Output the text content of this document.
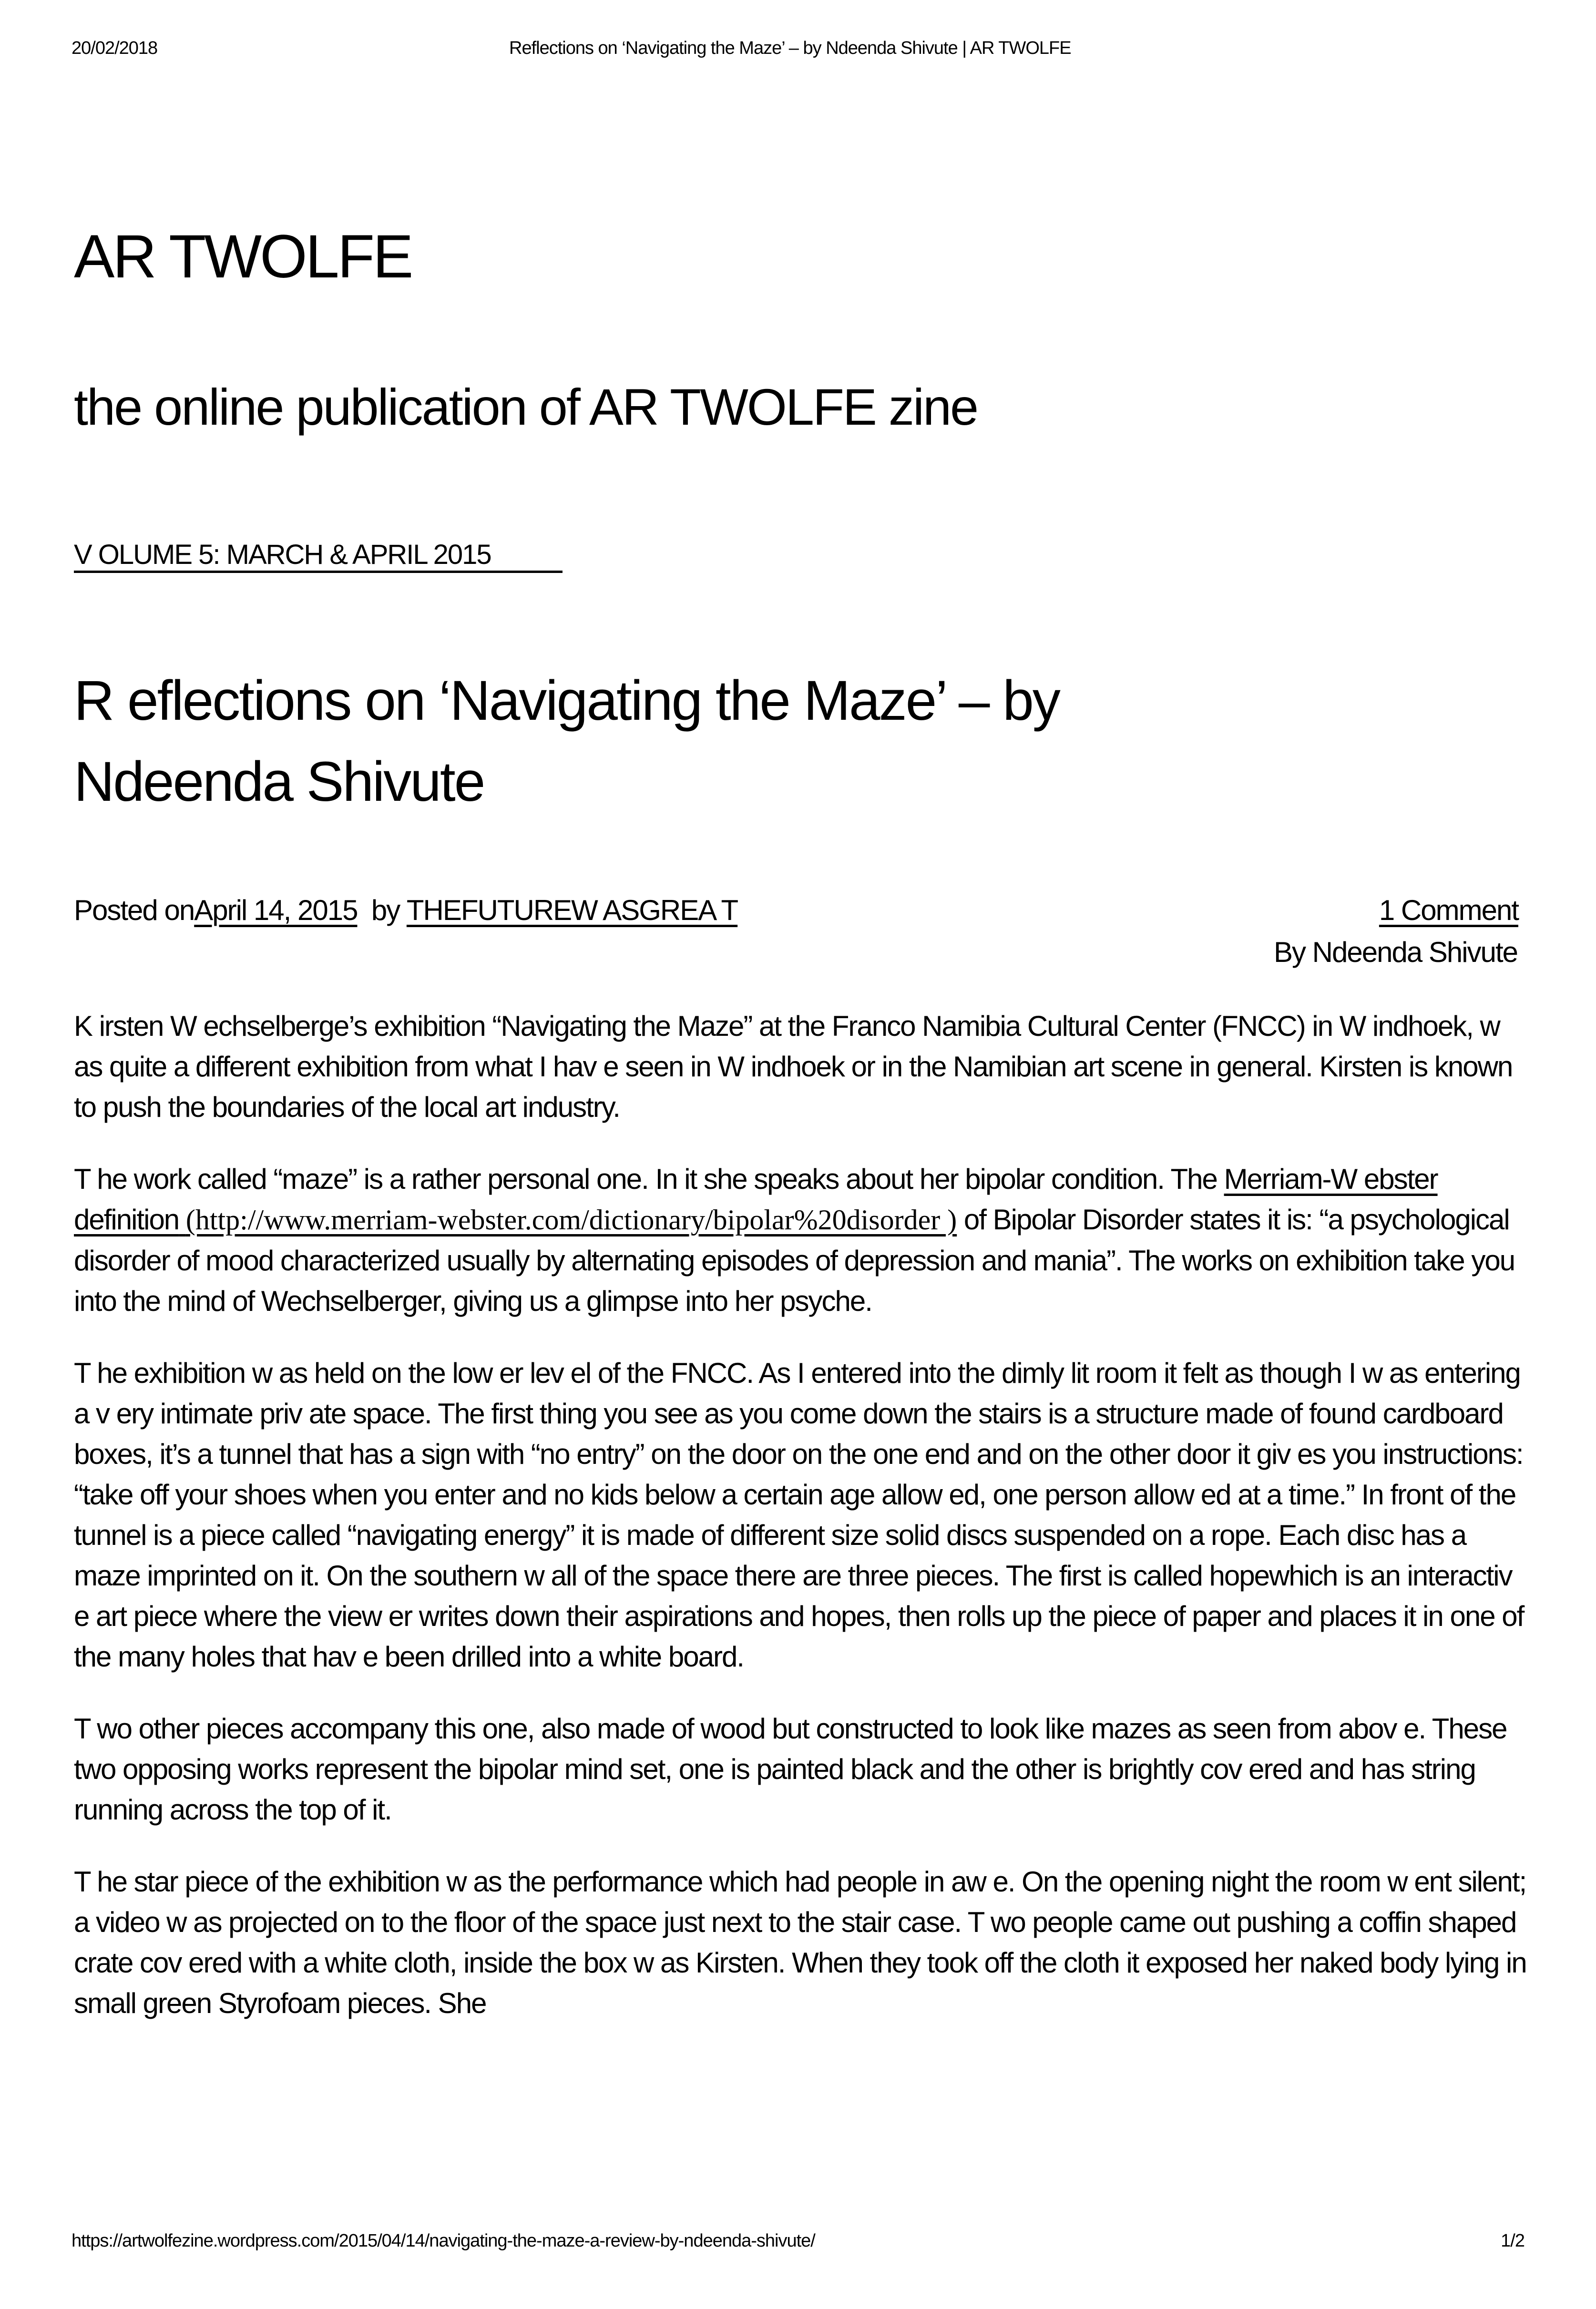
20/02/2018	Reflections on ‘Navigating the Maze’ – by Ndeenda Shivute | AR TWOLFE
AR TWOLFE
the online publication of AR TWOLFE zine
V OLUME 5: MARCH & APRIL 2015
R eflections on ‘Navigating the Maze’ – by
Ndeenda Shivute
Posted onApril 14, 2015 by THEFUTUREW ASGREA T	1 Comment
By Ndeenda Shivute

K irsten W echselberge’s exhibition “Navigating the Maze” at the Franco Namibia Cultural Center (FNCC) in W indhoek, w as quite a different exhibition from what I hav e seen in W indhoek or in the Namibian art scene in general. Kirsten is known to push the boundaries of the local art industry.

T he work called “maze” is a rather personal one. In it she speaks about her bipolar condition. The Merriam-W ebster definition (http://www.merriam-webster.com/dictionary/bipolar%20disorder ) of Bipolar Disorder states it is: “a psychological disorder of mood characterized usually by alternating episodes of depression and mania”. The works on exhibition take you into the mind of Wechselberger, giving us a glimpse into her psyche.

T he exhibition w as held on the low er lev el of the FNCC. As I entered into the dimly lit room it felt as though I w as entering a v ery intimate priv ate space. The first thing you see as you come down the stairs is a structure made of found cardboard boxes, it’s a tunnel that has a sign with “no entry” on the door on the one end and on the other door it giv es you instructions: “take off your shoes when you enter and no kids below a certain age allow ed, one person allow ed at a time.” In front of the tunnel is a piece called “navigating energy” it is made of different size solid discs suspended on a rope. Each disc has a maze imprinted on it. On the southern w all of the space there are three pieces. The first is called hopewhich is an interactiv e art piece where the view er writes down their aspirations and hopes, then rolls up the piece of paper and places it in one of the many holes that hav e been drilled into a white board.

T wo other pieces accompany this one, also made of wood but constructed to look like mazes as seen from abov e. These two opposing works represent the bipolar mind set, one is painted black and the other is brightly cov ered and has string running across the top of it.

T he star piece of the exhibition w as the performance which had people in aw e. On the opening night the room w ent silent; a video w as projected on to the floor of the space just next to the stair case. T wo people came out pushing a coffin shaped crate cov ered with a white cloth, inside the box w as Kirsten. When they took off the cloth it exposed her naked body lying in small green Styrofoam pieces. She

https://artwolfezine.wordpress.com/2015/04/14/navigating-the-maze-a-review-by-ndeenda-shivute/	1/2
